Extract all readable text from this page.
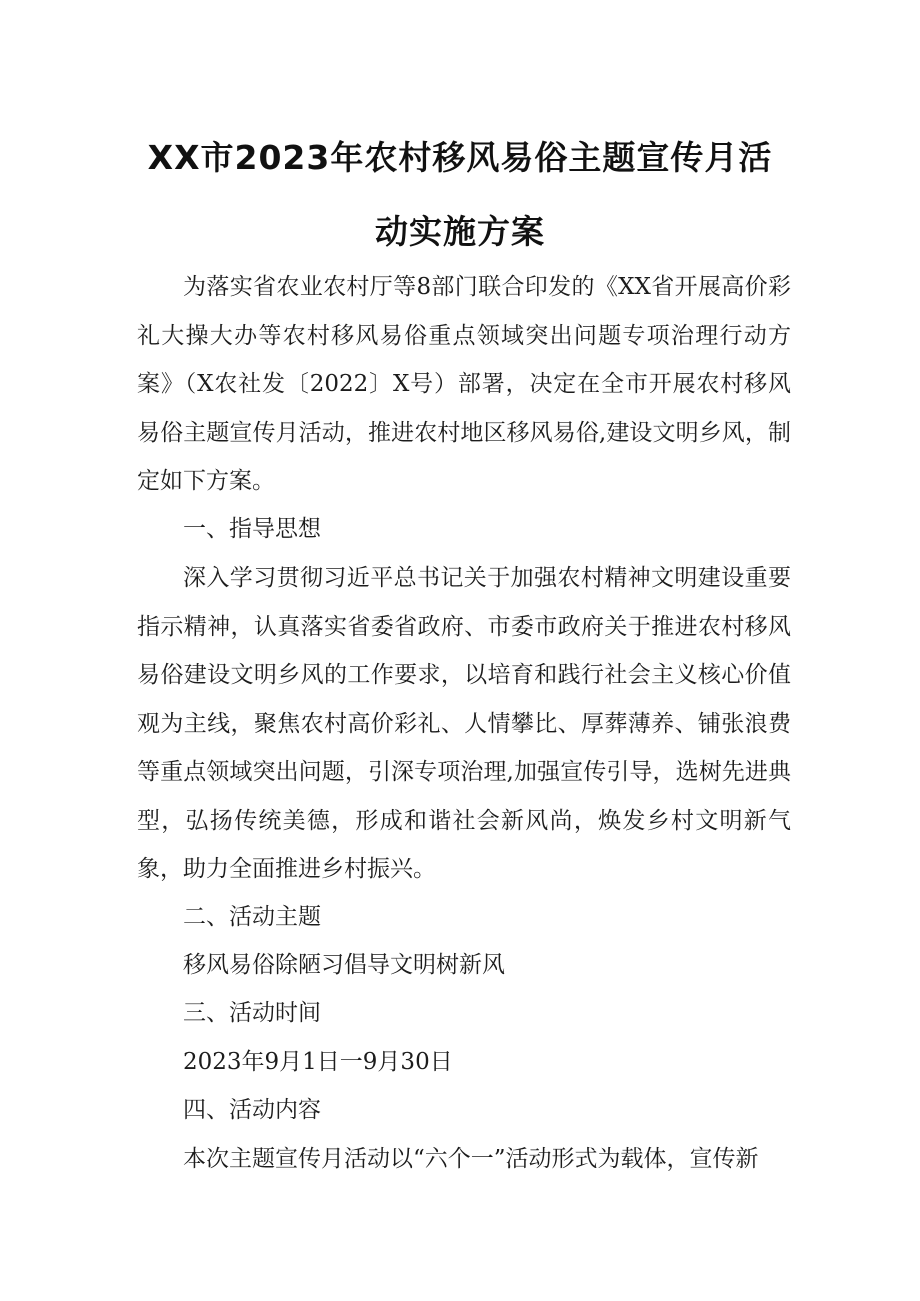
XX市2023年农村移风易俗主题宣传月活
动实施方案

为落实省农业农村厅等8部门联合印发的《XX省开展高价彩礼大操大办等农村移风易俗重点领域突出问题专项治理行动方案》（X农社发〔2022〕X号）部署，决定在全市开展农村移风易俗主题宣传月活动，推进农村地区移风易俗,建设文明乡风，制定如下方案。

一、指导思想

深入学习贯彻习近平总书记关于加强农村精神文明建设重要指示精神，认真落实省委省政府、市委市政府关于推进农村移风易俗建设文明乡风的工作要求，以培育和践行社会主义核心价值观为主线，聚焦农村高价彩礼、人情攀比、厚葬薄养、铺张浪费等重点领域突出问题，引深专项治理,加强宣传引导，选树先进典型，弘扬传统美德，形成和谐社会新风尚，焕发乡村文明新气象，助力全面推进乡村振兴。

二、活动主题

移风易俗除陋习倡导文明树新风

三、活动时间

2023年9月1日一9月30日

四、活动内容

本次主题宣传月活动以“六个一”活动形式为载体，宣传新
